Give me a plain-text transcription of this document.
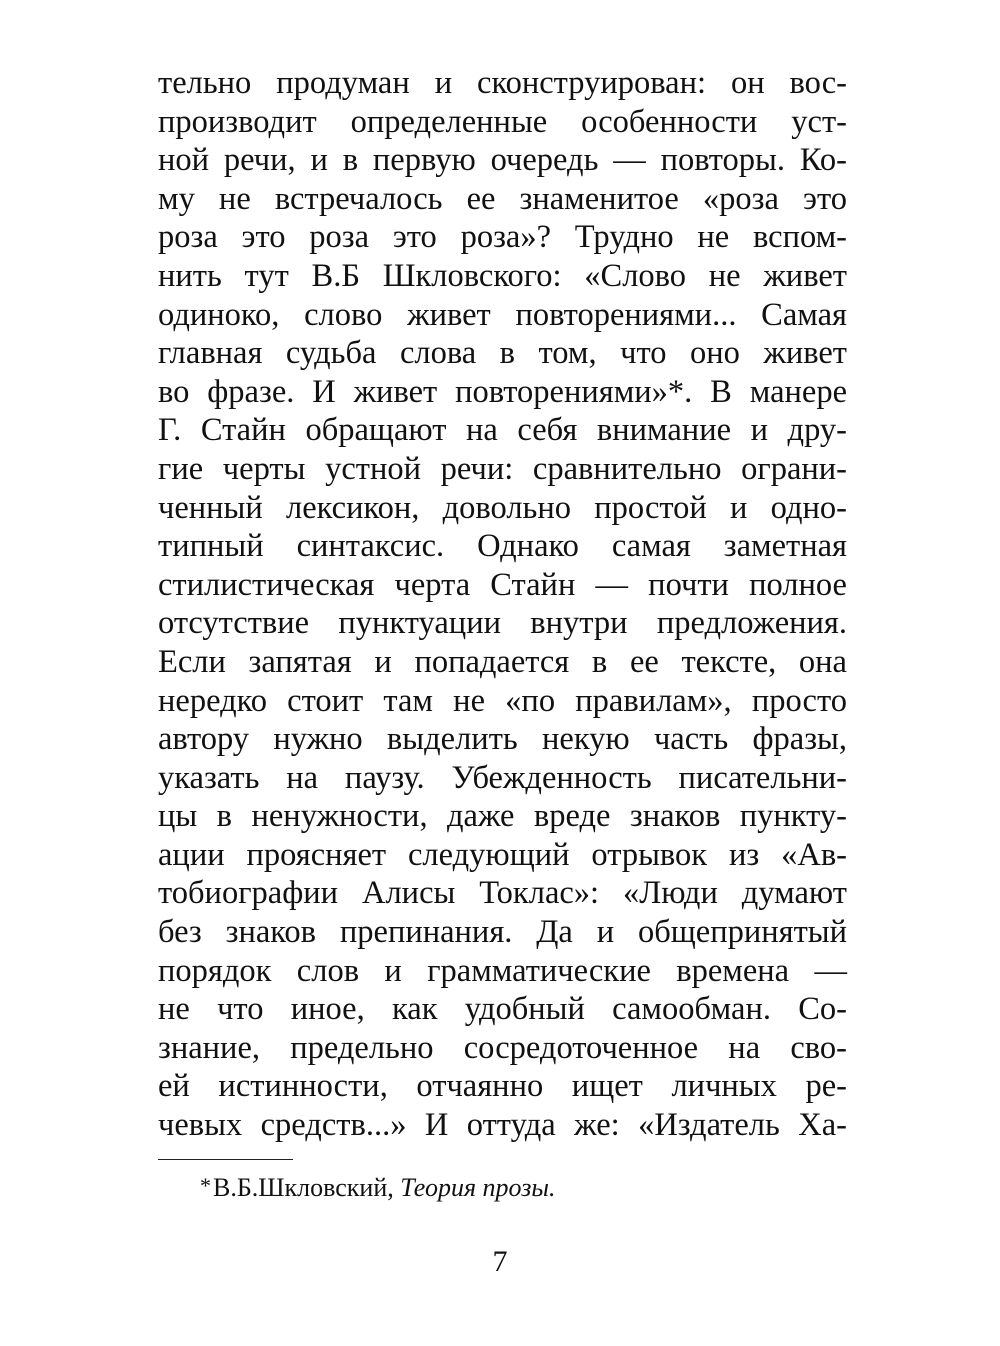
тельно продуман и сконструирован: он вос-
производит определенные особенности уст-
ной речи, и в первую очередь — повторы. Ко-
му не встречалось ее знаменитое «роза это
роза это роза это роза»? Трудно не вспом-
нить тут В.Б Шкловского: «Слово не живет
одиноко, слово живет повторениями... Самая
главная судьба слова в том, что оно живет
во фразе. И живет повторениями»*. В манере
Г. Стайн обращают на себя внимание и дру-
гие черты устной речи: сравнительно ограни-
ченный лексикон, довольно простой и одно-
типный синтаксис. Однако самая заметная
стилистическая черта Стайн — почти полное
отсутствие пунктуации внутри предложения.
Если запятая и попадается в ее тексте, она
нередко стоит там не «по правилам», просто
автору нужно выделить некую часть фразы,
указать на паузу. Убежденность писательни-
цы в ненужности, даже вреде знаков пункту-
ации проясняет следующий отрывок из «Ав-
тобиографии Алисы Токлас»: «Люди думают
без знаков препинания. Да и общепринятый
порядок слов и грамматические времена —
не что иное, как удобный самообман. Со-
знание, предельно сосредоточенное на сво-
ей истинности, отчаянно ищет личных ре-
чевых средств...» И оттуда же: «Издатель Ха-
*В.Б.Шкловский, Теория прозы.
7
